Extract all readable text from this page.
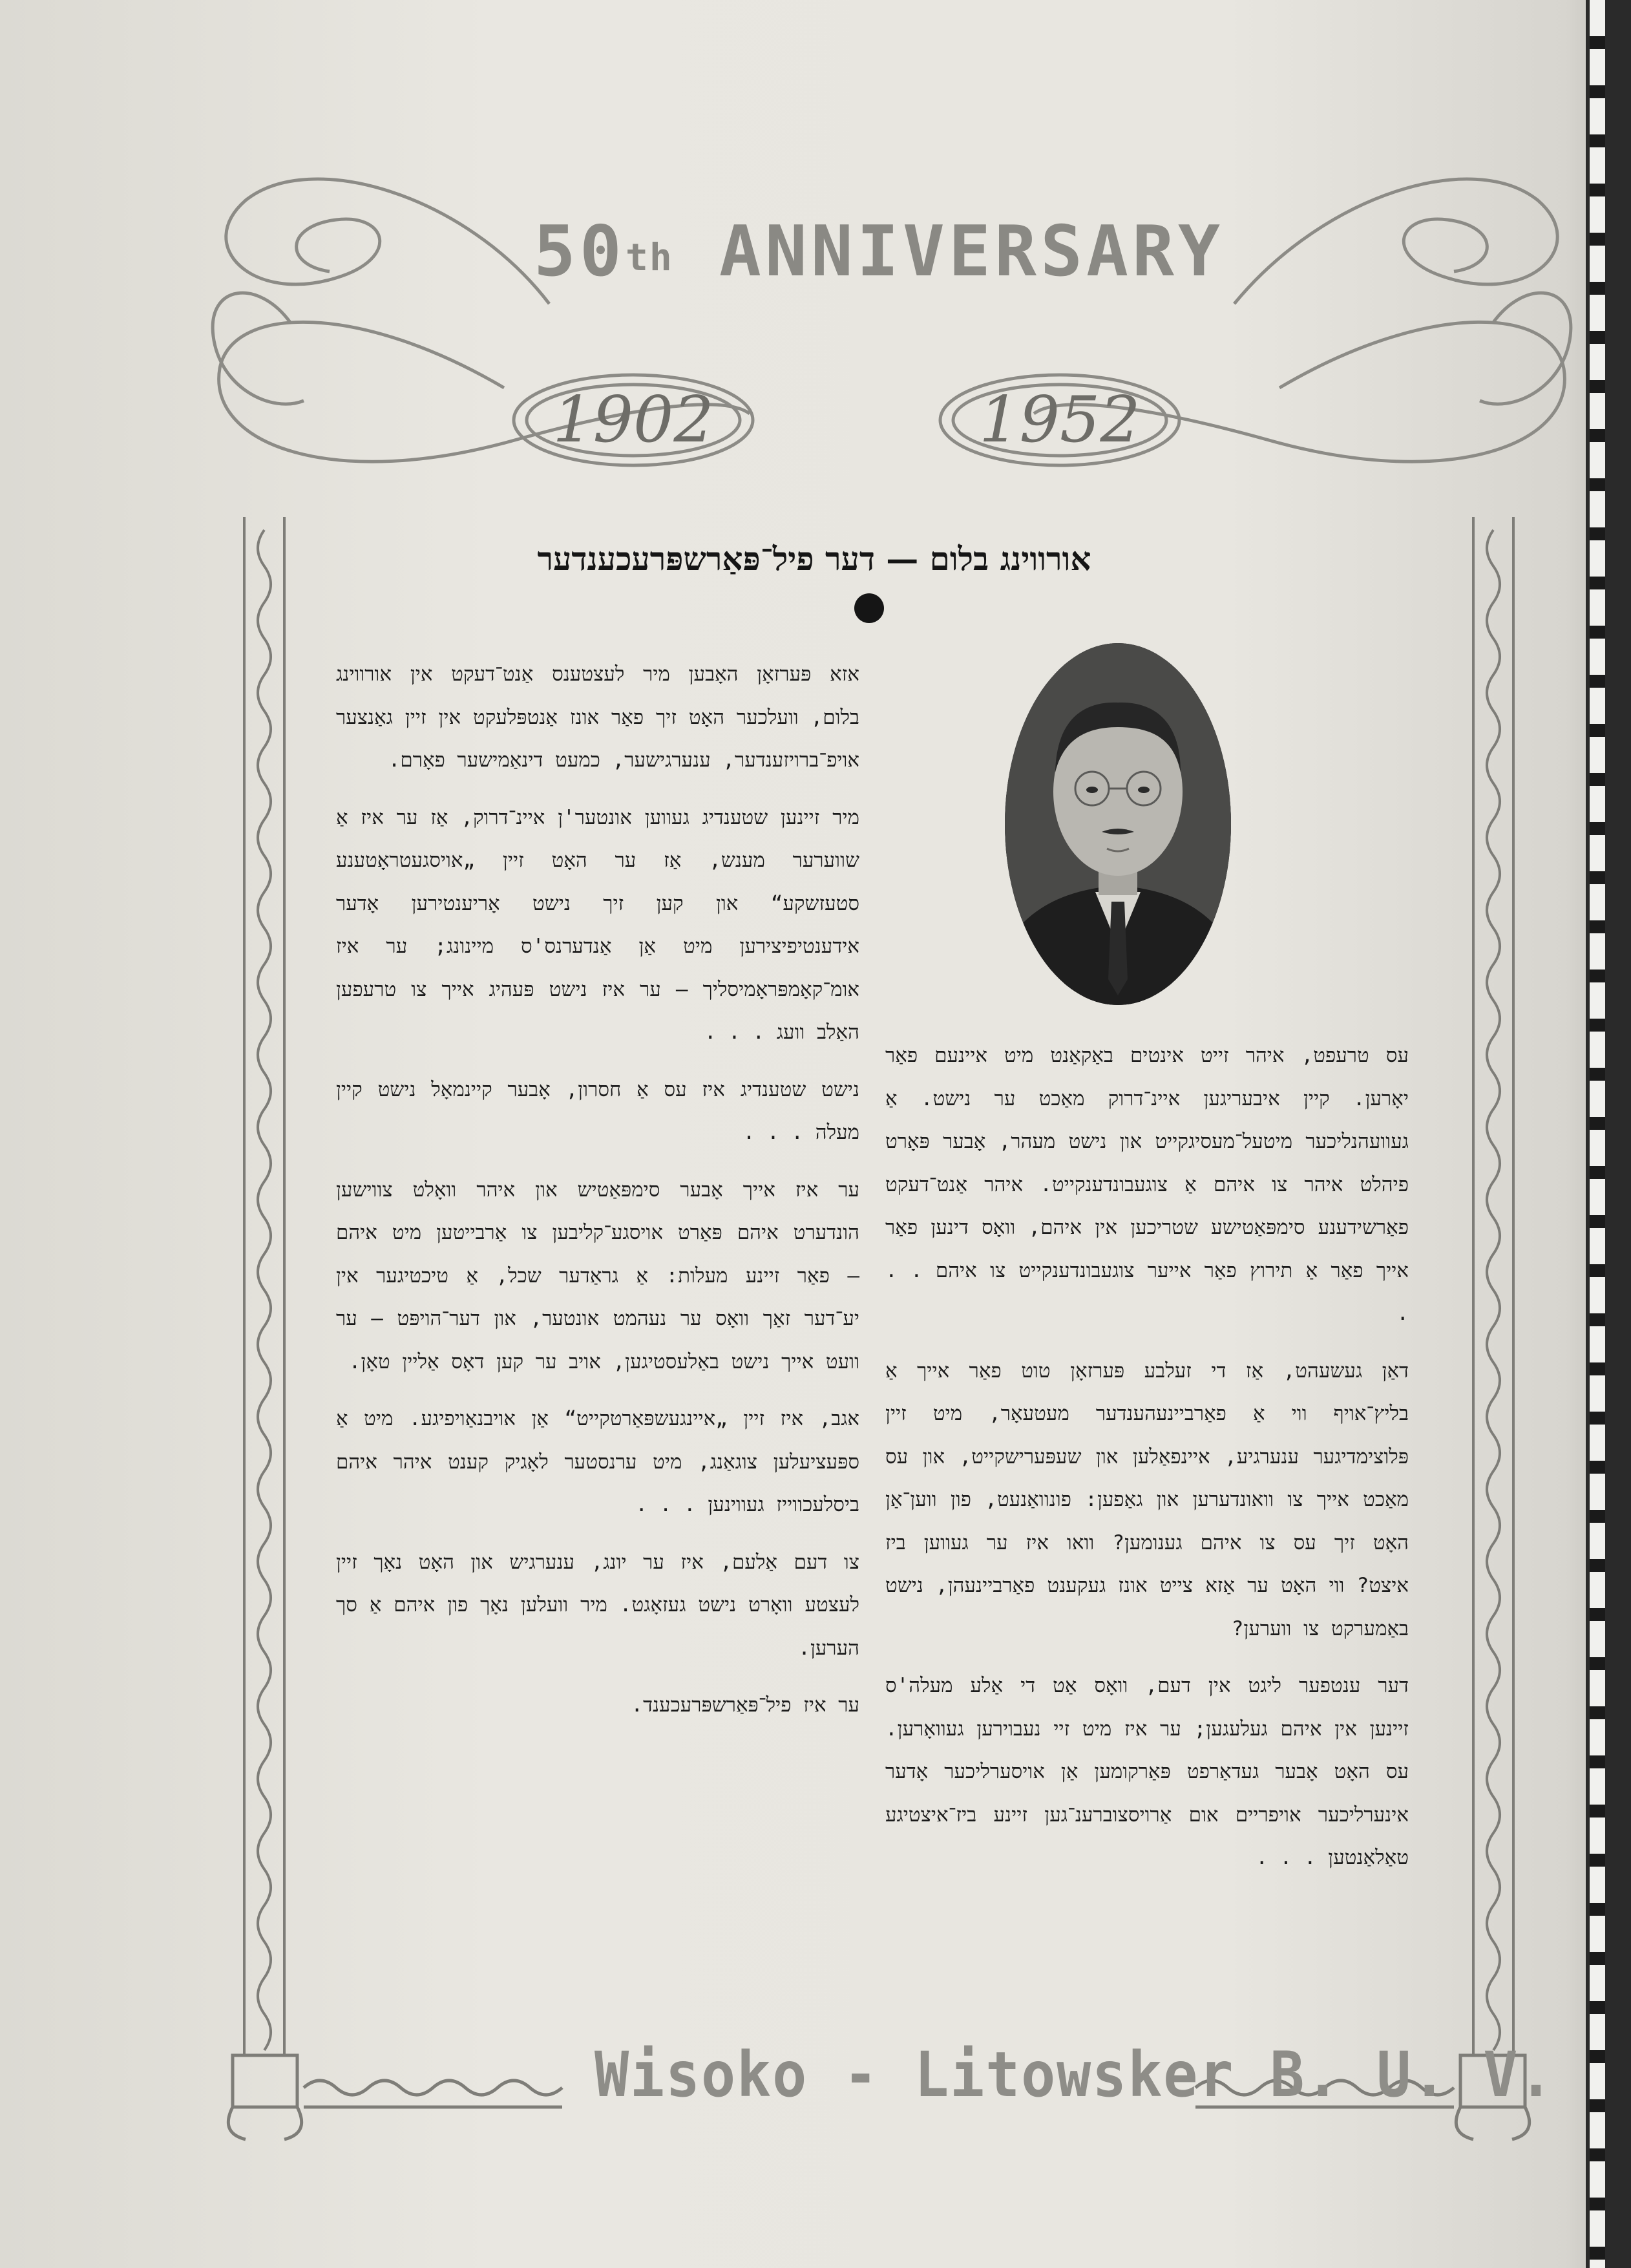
50th ANNIVERSARY
1902	1952
אורווינג בלום — דער פיל־פּאַרשפּרעכענדער

אזא פּערזאָן האָבען מיר לעצטענס אַנט־דעקט אין אורווינג בלום, וועלכער האָט זיך פאַר אונז אַנטפּלעקט אין זיין גאַנצער אויפ־ברויזענדער, ענערגישער, כמעט דינאַמישער פאָרם.

מיר זיינען שטענדיג געווען אונטער'ן איינ־דרוק, אַז ער איז אַ שווערער מענש, אַז ער האָט זיין „אויסגעטראָטענע סטעזשקע“ און קען זיך נישט אָריענטירען אָדער אידענטיפיצירען מיט אַן אַנדערנס'ס מיינונג; ער איז אומ־קאָמפּראָמיסליך — ער איז נישט פּעהיג אייך צו טרעפען האַלב וועג . . .

נישט שטענדיג איז עס אַ חסרון, אָבער קיינמאָל נישט קיין מעלה . . .

ער איז אייך אָבער סימפּאַטיש און איהר וואָלט צווישען הונדערט איהם פּאַרט אויסגע־קליבען צו אַרבייטען מיט איהם — פאַר זיינע מעלות: אַ גראַדער שכל, אַ טיכטיגער אין יע־דער זאַך וואָס ער נעהמט אונטער, און דער־הויפּט — ער וועט אייך נישט באַלעסטיגען, אויב ער קען דאָס אַליין טאָן.

אגב, איז זיין „איינגעשפּאַרטקייט“ אַן אויבנאַויפיגע. מיט אַ ספּעציעלען צוגאַנג, מיט ערנסטער לאָגיק קענט איהר איהם ביסלעכווייז געווינען . . .

צו דעם אַלעם, איז ער יונג, ענערגיש און האָט נאָך זיין לעצטע וואָרט נישט געזאָגט. מיר וועלען נאָך פון איהם אַ סך הערען.

ער איז פיל־פּאַרשפּרעכענד.

עס טרעפט, איהר זייט אינטים באַקאַנט מיט איינעם פאַר יאָרען. קיין איבעריגען איינ־דרוק מאַכט ער נישט. אַ געוועהנליכער מיטעל־מעסיגקייט און נישט מעהר, אָבער פּאָרט פיהלט איהר צו איהם אַ צוגעבונדענקייט. איהר אַנט־דעקט פאַרשידענע סימפּאַטישע שטריכען אין איהם, וואָס דינען פאַר אייך פאַר אַ תירוץ פאַר אייער צוגעבונדענקייט צו איהם . . .

דאַן געשעהט, אַז די זעלבע פּערזאָן טוט פאַר אייך אַ בליץ־אויף ווי אַ פאַרביינעהענדער מעטעאָר, מיט זיין פּלוצימדיגער ענערגיע, איינפאַלען און שעפּערישקייט, און עס מאַכט אייך צו וואונדערען און גאַפען: פונוואַנעט, פון ווען־אַן האָט זיך עס צו איהם גענומען? וואו איז ער געווען ביז איצט? ווי האָט ער אַזא צייט אונז געקענט פאַרביינעהן, נישט באַמערקט צו ווערען?

דער ענטפער ליגט אין דעם, וואָס אַט די אַלע מעלה'ס זיינען אין איהם געלעגען; ער איז מיט זיי נעבוירען געוואָרען. עס האָט אָבער געדאַרפט פּאַרקומען אַן אויסערליכער אָדער אינערליכער אויפריים אום אַרויסצוברענ־גען זיינע ביז־איצטיגע טאַלאַנטען . . .

Wisoko - Litowsker B. U. V.
